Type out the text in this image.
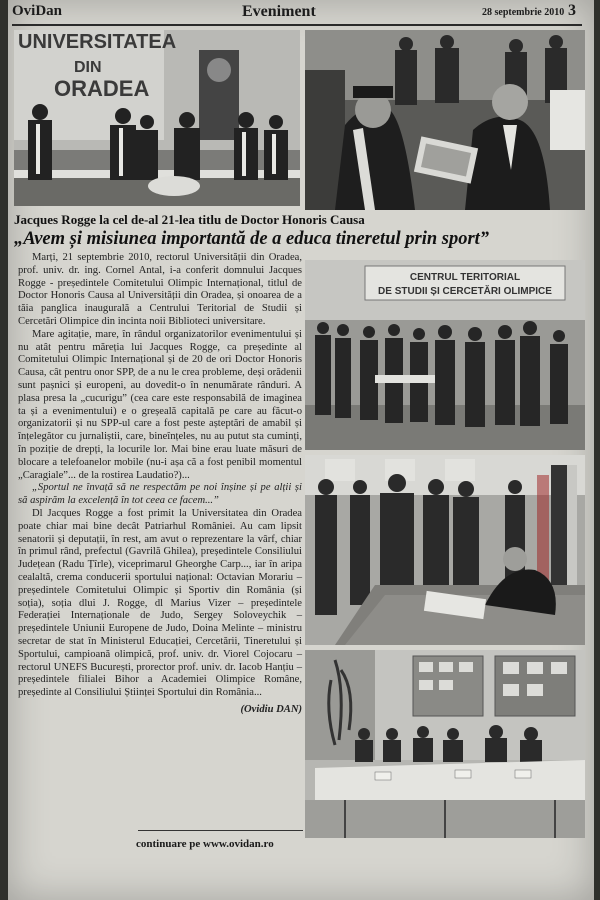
OviDan	Eveniment	28 septembrie 2010 3
UNIVERSITATEA
DIN
ORADEA
Jacques Rogge la cel de-al 21-lea titlu de Doctor Honoris Causa
„Avem și misiunea importantă de a educa tineretul prin sport”
CENTRUL TERITORIAL
DE STUDII ȘI CERCETĂRI OLIMPICE

Marți, 21 septembrie 2010, rectorul Universității din Oradea, prof. univ. dr. ing. Cornel Antal, i-a conferit domnului Jacques Rogge - președintele Comitetului Olimpic Internațional, titlul de Doctor Honoris Causa al Universității din Oradea, și onoarea de a tăia panglica inaugurală a Centrului Teritorial de Studii și Cercetări Olimpice din incinta noii Biblioteci universitare.

Mare agitație, mare, în rândul organizatorilor evenimentului și nu atât pentru măreția lui Jacques Rogge, ca președinte al Comitetului Olimpic Internațional și de 20 de ori Doctor Honoris Causa, cât pentru onor SPP, de a nu le crea probleme, deși orădenii sunt pașnici și europeni, au dovedit-o în nenumărate rânduri. A plasa presa la „cucurigu” (cea care este responsabilă de imaginea ta și a evenimentului) e o greșeală capitală pe care au făcut-o organizatorii și nu SPP-ul care a fost peste așteptări de amabil și înțelegător cu jurnaliștii, care, bineînțeles, nu au putut sta cuminți, în poziție de drepți, la locurile lor. Mai bine erau luate măsuri de blocare a telefoanelor mobile (nu-i așa că a fost penibil momentul „Caragiale”... de la rostirea Laudatio?)...

„Sportul ne învață să ne respectăm pe noi înșine și pe alții și să aspirăm la excelență în tot ceea ce facem...”

Dl Jacques Rogge a fost primit la Universitatea din Oradea poate chiar mai bine decât Patriarhul României. Au cam lipsit senatorii și deputații, în rest, am avut o reprezentare la vârf, chiar în primul rând, prefectul (Gavrilă Ghilea), președintele Consiliului Județean (Radu Țîrle), viceprimarul Gheorghe Carp..., iar în aripa cealaltă, crema conducerii sportului național: Octavian Morariu – președintele Comitetului Olimpic și Sportiv din România (și soția), soția dlui J. Rogge, dl Marius Vizer – președintele Federației Internaționale de Judo, Sergey Soloveychik – președintele Uniunii Europene de Judo, Doina Melinte – ministru secretar de stat în Ministerul Educației, Cercetării, Tineretului și Sportului, campioană olimpică, prof. univ. dr. Viorel Cojocaru – rectorul UNEFS București, prorector prof. univ. dr. Iacob Hanțiu – președintele filialei Bihor a Academiei Olimpice Române, președinte al Consiliului Științei Sportului din România...

(Ovidiu DAN)
continuare pe www.ovidan.ro
